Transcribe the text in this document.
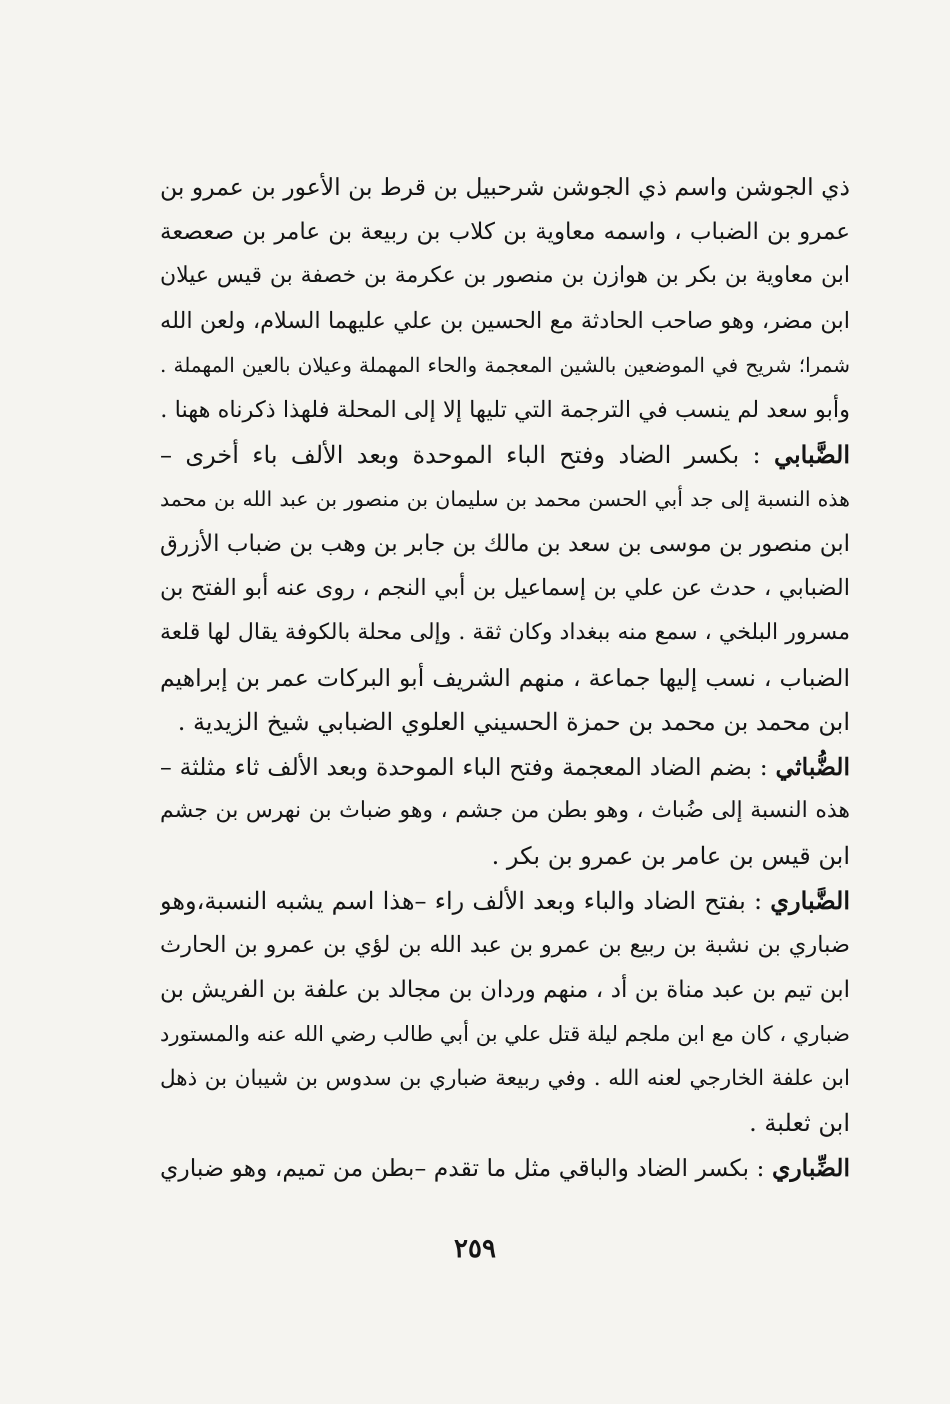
ذي الجوشن واسم ذي الجوشن شرحبيل بن قرط بن الأعور بن عمرو بن
عمرو بن الضباب ، واسمه معاوية بن كلاب بن ربيعة بن عامر بن صعصعة
ابن معاوية بن بكر بن هوازن بن منصور بن عكرمة بن خصفة بن قيس عيلان
ابن مضر، وهو صاحب الحادثة مع الحسين بن علي عليهما السلام، ولعن الله
شمرا؛ شريح في الموضعين بالشين المعجمة والحاء المهملة وعيلان بالعين المهملة .
وأبو سعد لم ينسب في الترجمة التي تليها إلا إلى المحلة فلهذا ذكرناه ههنا .
الضَّبابي : بكسر الضاد وفتح الباء الموحدة وبعد الألف باء أخرى –
هذه النسبة إلى جد أبي الحسن محمد بن سليمان بن منصور بن عبد الله بن محمد
ابن منصور بن موسى بن سعد بن مالك بن جابر بن وهب بن ضباب الأزرق
الضبابي ، حدث عن علي بن إسماعيل بن أبي النجم ، روى عنه أبو الفتح بن
مسرور البلخي ، سمع منه ببغداد وكان ثقة . وإلى محلة بالكوفة يقال لها قلعة
الضباب ، نسب إليها جماعة ، منهم الشريف أبو البركات عمر بن إبراهيم
ابن محمد بن محمد بن حمزة الحسيني العلوي الضبابي شيخ الزيدية .
الضُّباثي : بضم الضاد المعجمة وفتح الباء الموحدة وبعد الألف ثاء مثلثة –
هذه النسبة إلى ضُباث ، وهو بطن من جشم ، وهو ضباث بن نهرس بن جشم
ابن قيس بن عامر بن عمرو بن بكر .
الضَّباري : بفتح الضاد والباء وبعد الألف راء –هذا اسم يشبه النسبة،وهو
ضباري بن نشبة بن ربيع بن عمرو بن عبد الله بن لؤي بن عمرو بن الحارث
ابن تيم بن عبد مناة بن أد ، منهم وردان بن مجالد بن علفة بن الفريش بن
ضباري ، كان مع ابن ملجم ليلة قتل علي بن أبي طالب رضي الله عنه والمستورد
ابن علفة الخارجي لعنه الله . وفي ربيعة ضباري بن سدوس بن شيبان بن ذهل
ابن ثعلبة .
الضِّباري : بكسر الضاد والباقي مثل ما تقدم –بطن من تميم، وهو ضباري
٢٥٩
